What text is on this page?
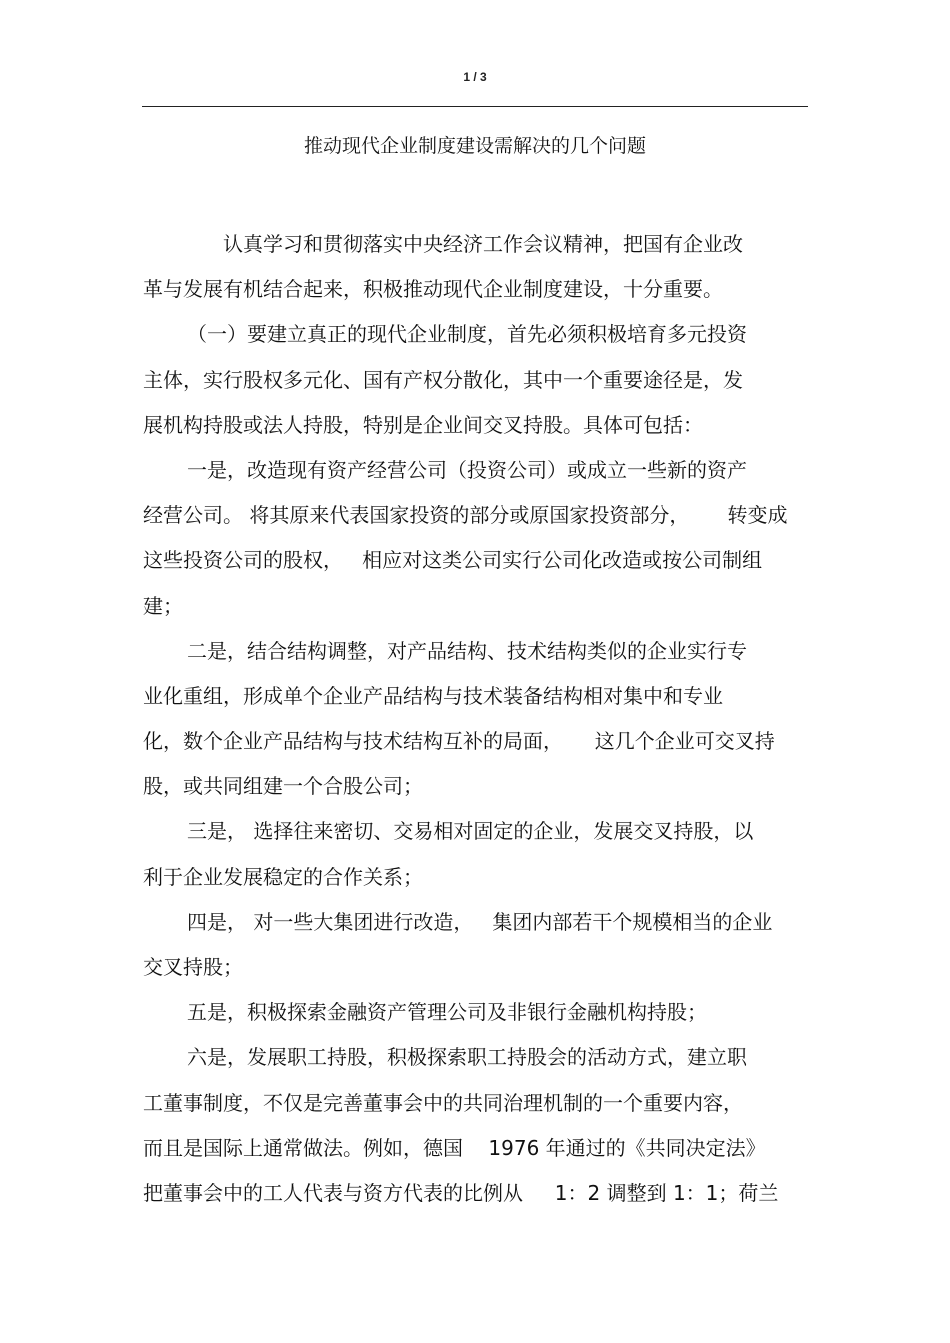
1 / 3
推动现代企业制度建设需解决的几个问题
认真学习和贯彻落实中央经济工作会议精神，把国有企业改
革与发展有机结合起来，积极推动现代企业制度建设，十分重要。
（一）要建立真正的现代企业制度，首先必须积极培育多元投资
主体，实行股权多元化、国有产权分散化，其中一个重要途径是，发
展机构持股或法人持股，特别是企业间交叉持股。具体可包括：
一是，改造现有资产经营公司（投资公司）或成立一些新的资产
经营公司。 将其原来代表国家投资的部分或原国家投资部分，      转变成
这些投资公司的股权，   相应对这类公司实行公司化改造或按公司制组
建；
二是，结合结构调整，对产品结构、技术结构类似的企业实行专
业化重组，形成单个企业产品结构与技术装备结构相对集中和专业
化，数个企业产品结构与技术结构互补的局面，     这几个企业可交叉持
股，或共同组建一个合股公司；
三是， 选择往来密切、交易相对固定的企业，发展交叉持股，以
利于企业发展稳定的合作关系；
四是， 对一些大集团进行改造，   集团内部若干个规模相当的企业
交叉持股；
五是，积极探索金融资产管理公司及非银行金融机构持股；
六是，发展职工持股，积极探索职工持股会的活动方式，建立职
工董事制度，不仅是完善董事会中的共同治理机制的一个重要内容，
而且是国际上通常做法。例如，德国    1976 年通过的《共同决定法》
把董事会中的工人代表与资方代表的比例从     1：2 调整到 1：1；荷兰
